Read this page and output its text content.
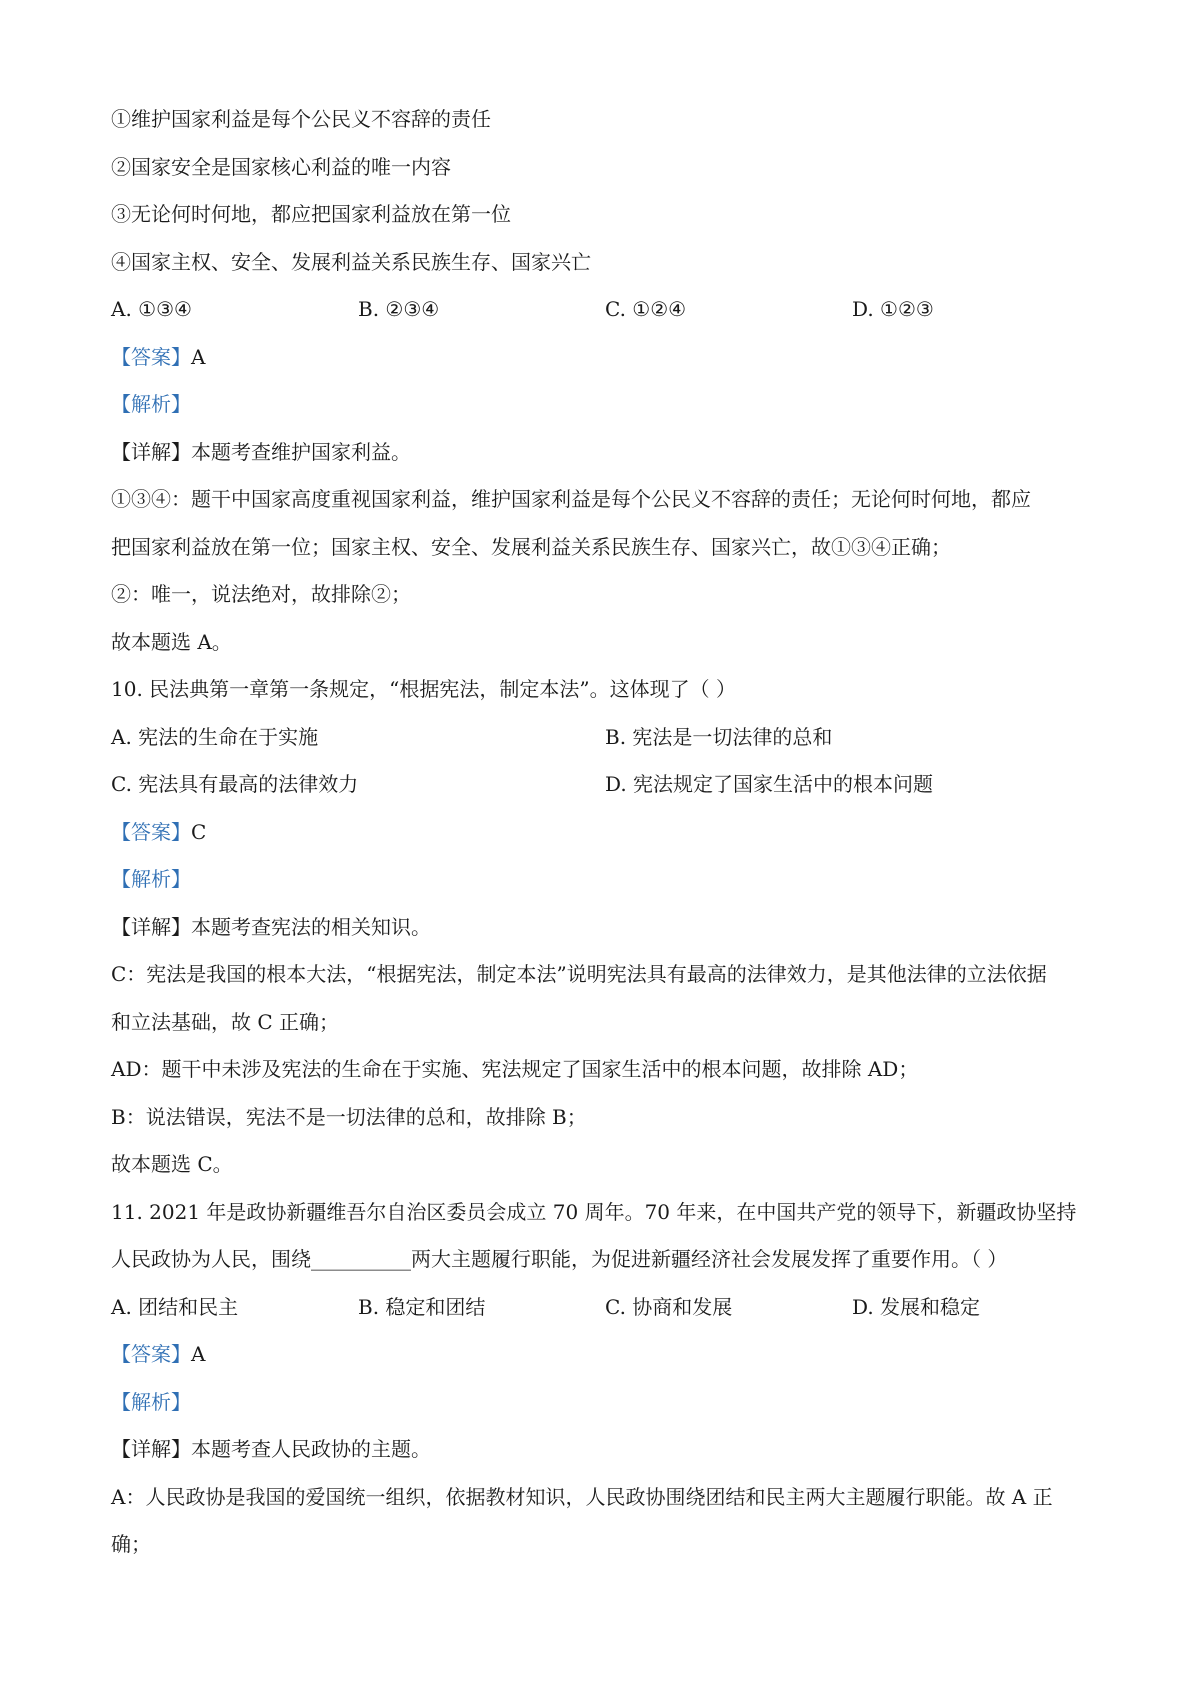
①维护国家利益是每个公民义不容辞的责任

②国家安全是国家核心利益的唯一内容

③无论何时何地，都应把国家利益放在第一位

④国家主权、安全、发展利益关系民族生存、国家兴亡

A. ①③④	B. ②③④	C. ①②④	D. ①②③

【答案】A

【解析】

【详解】本题考查维护国家利益。

①③④：题干中国家高度重视国家利益，维护国家利益是每个公民义不容辞的责任；无论何时何地，都应

把国家利益放在第一位；国家主权、安全、发展利益关系民族生存、国家兴亡，故①③④正确；

②：唯一，说法绝对，故排除②；

故本题选 A。

10. 民法典第一章第一条规定，“根据宪法，制定本法”。这体现了（ ）

A. 宪法的生命在于实施	B. 宪法是一切法律的总和
C. 宪法具有最高的法律效力	D. 宪法规定了国家生活中的根本问题

【答案】C

【解析】

【详解】本题考查宪法的相关知识。

C：宪法是我国的根本大法，“根据宪法，制定本法”说明宪法具有最高的法律效力，是其他法律的立法依据

和立法基础，故 C 正确；

AD：题干中未涉及宪法的生命在于实施、宪法规定了国家生活中的根本问题，故排除 AD；

B：说法错误，宪法不是一切法律的总和，故排除 B；

故本题选 C。

11. 2021 年是政协新疆维吾尔自治区委员会成立 70 周年。70 年来，在中国共产党的领导下，新疆政协坚持

人民政协为人民，围绕__________两大主题履行职能，为促进新疆经济社会发展发挥了重要作用。（ ）

A. 团结和民主	B. 稳定和团结	C. 协商和发展	D. 发展和稳定

【答案】A

【解析】

【详解】本题考查人民政协的主题。

A：人民政协是我国的爱国统一组织，依据教材知识，人民政协围绕团结和民主两大主题履行职能。故 A 正

确；
